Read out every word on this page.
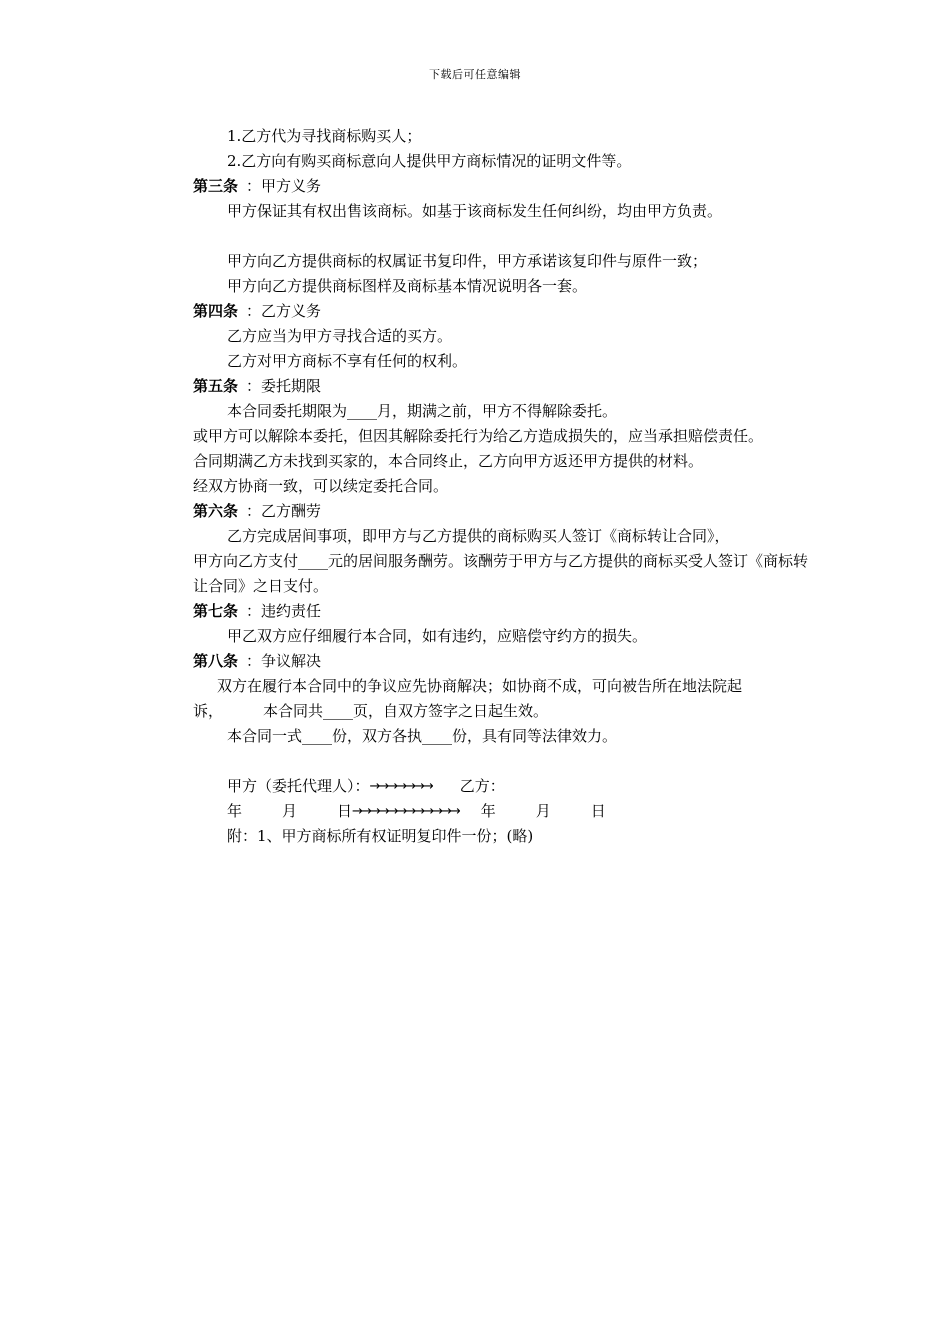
下载后可任意编辑
1.乙方代为寻找商标购买人；
2.乙方向有购买商标意向人提供甲方商标情况的证明文件等。
第三条 ：甲方义务
甲方保证其有权出售该商标。如基于该商标发生任何纠纷，均由甲方负责。
甲方向乙方提供商标的权属证书复印件，甲方承诺该复印件与原件一致；
甲方向乙方提供商标图样及商标基本情况说明各一套。
第四条 ：乙方义务
乙方应当为甲方寻找合适的买方。
乙方对甲方商标不享有任何的权利。
第五条 ：委托期限
本合同委托期限为____月，期满之前，甲方不得解除委托。
或甲方可以解除本委托，但因其解除委托行为给乙方造成损失的，应当承担赔偿责任。
合同期满乙方未找到买家的，本合同终止，乙方向甲方返还甲方提供的材料。
经双方协商一致，可以续定委托合同。
第六条 ：乙方酬劳
乙方完成居间事项，即甲方与乙方提供的商标购买人签订《商标转让合同》，
甲方向乙方支付____元的居间服务酬劳。该酬劳于甲方与乙方提供的商标买受人签订《商标转让合同》之日支付。
第七条 ：违约责任
甲乙双方应仔细履行本合同，如有违约，应赔偿守约方的损失。
第八条 ：争议解决
双方在履行本合同中的争议应先协商解决；如协商不成，可向被告所在地法院起
诉，	本合同共____页，自双方签字之日起生效。
本合同一式____份，双方各执____份，具有同等法律效力。
甲方（委托代理人）：→→→→→→→ 乙方：
年	月	日→→→→→→→→→→→→ 年	月	日
附：1、甲方商标所有权证明复印件一份；(略)
